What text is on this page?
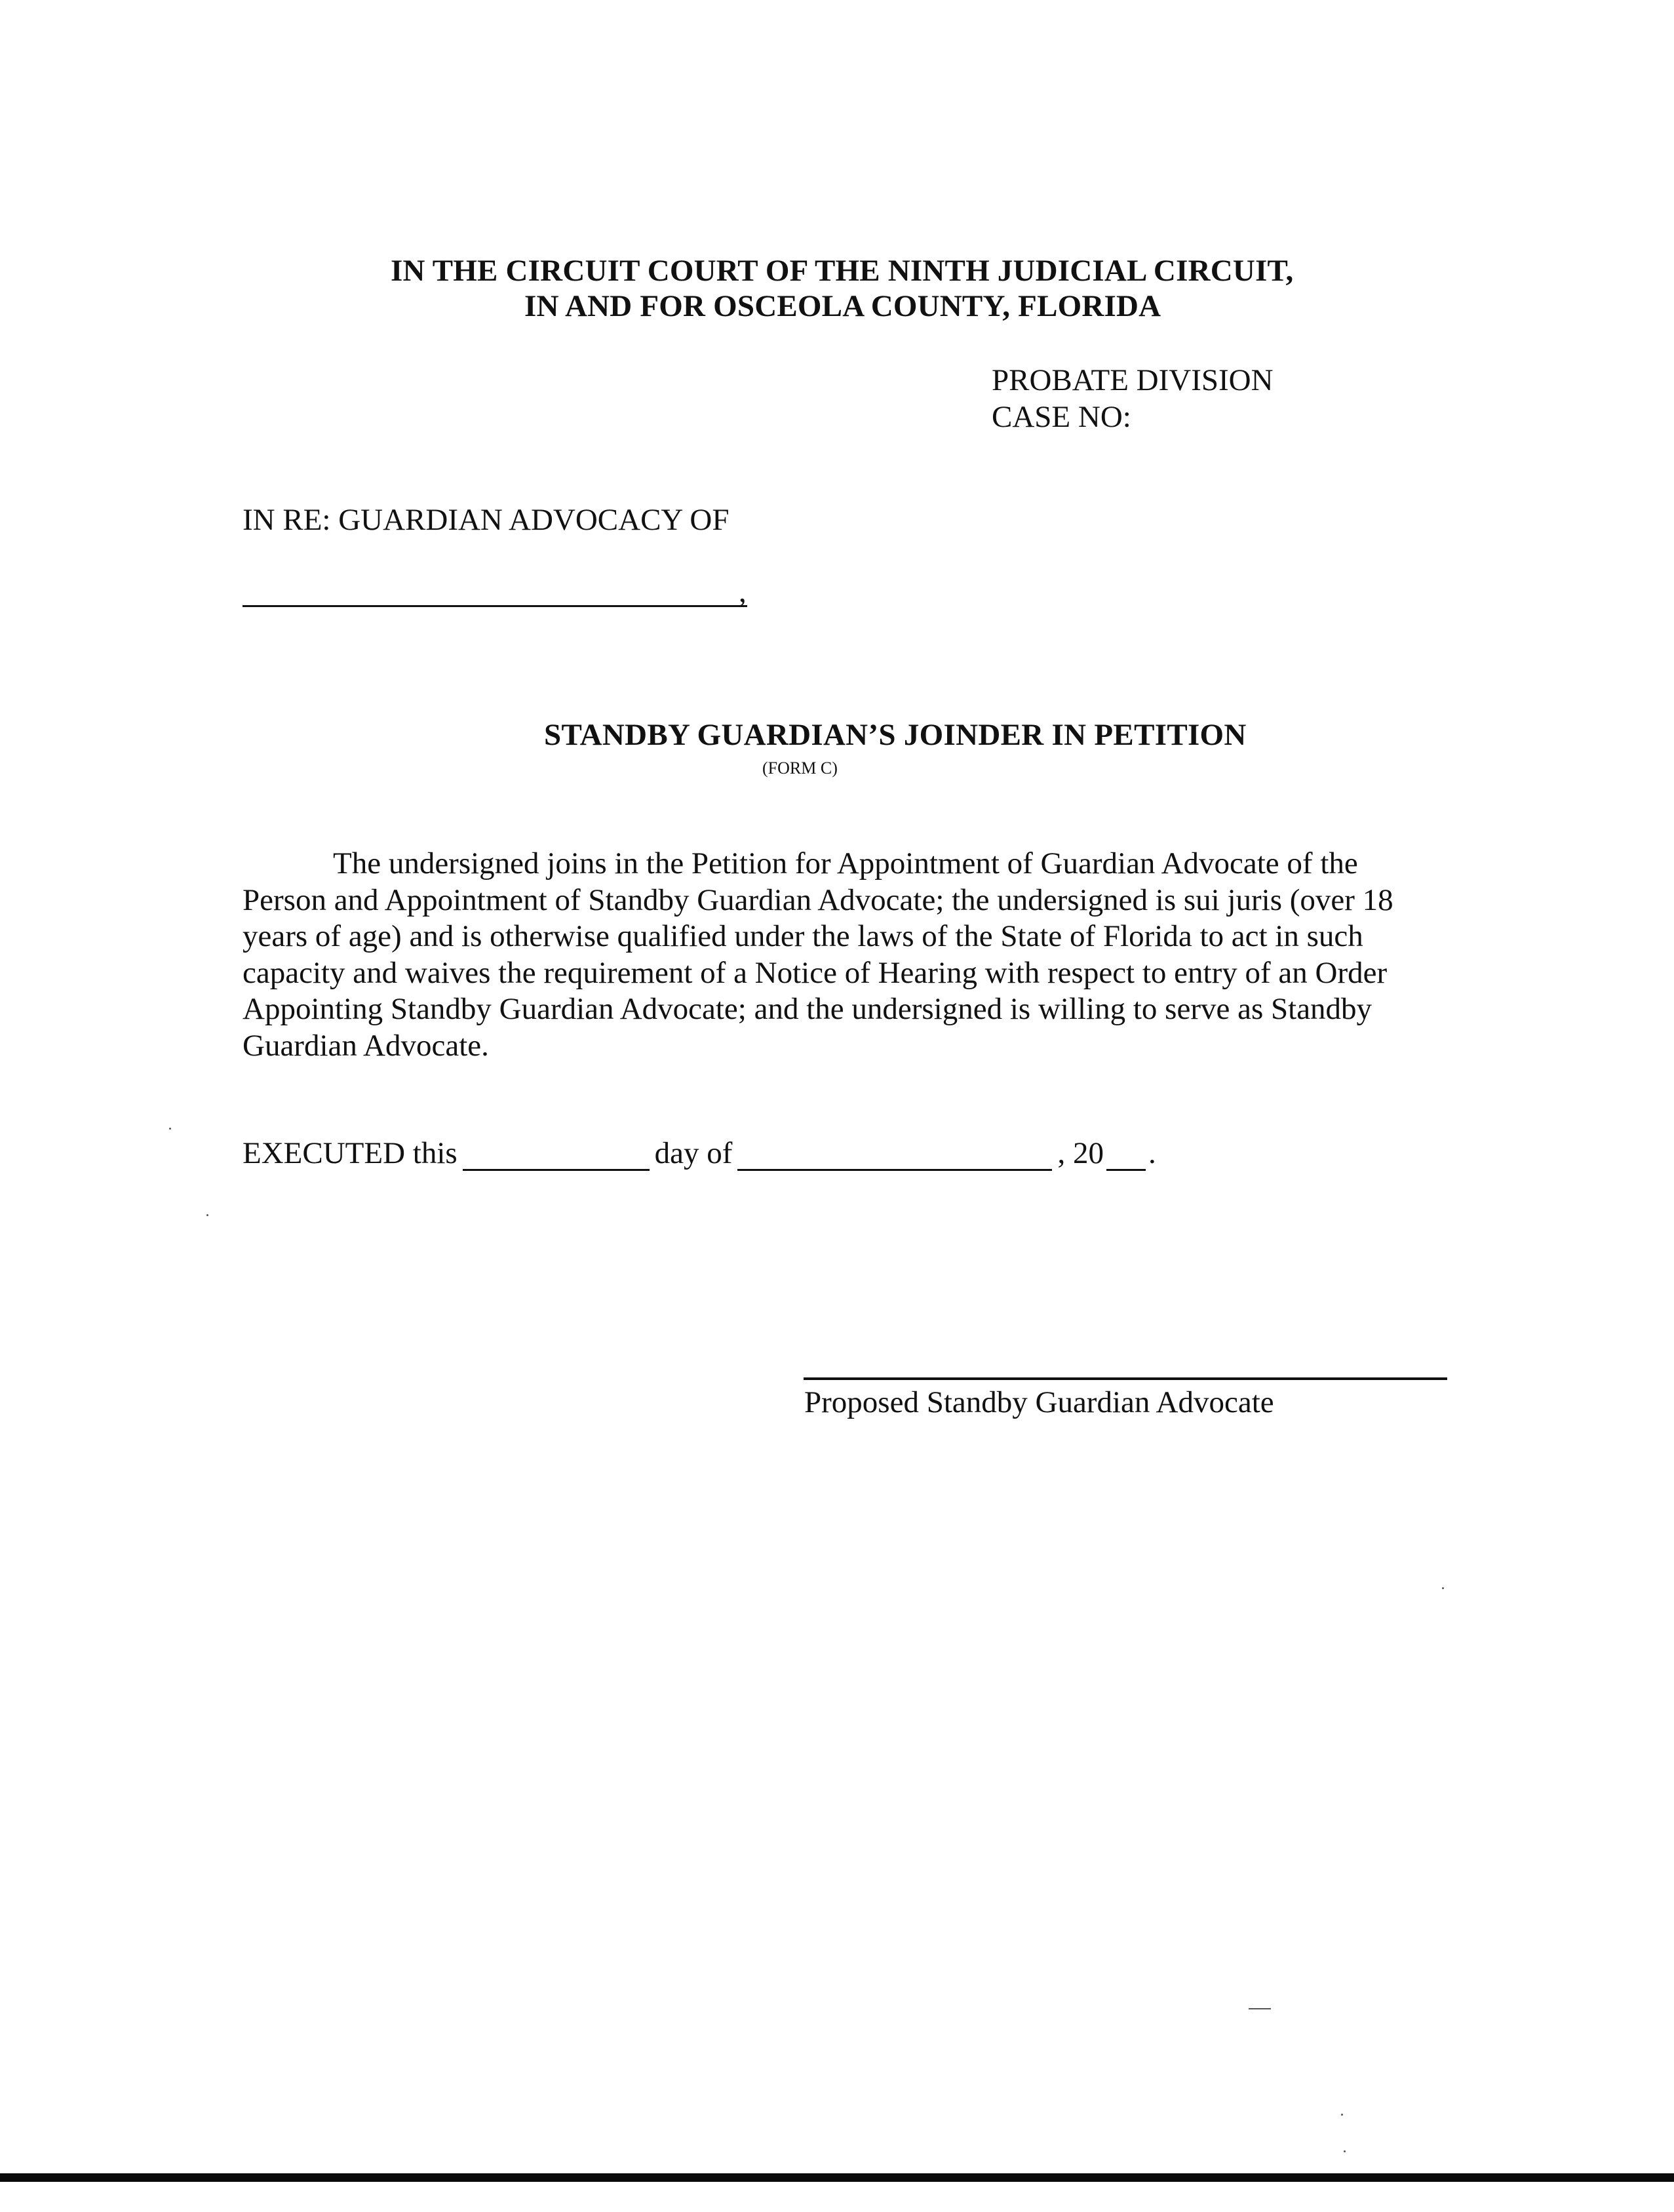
IN THE CIRCUIT COURT OF THE NINTH JUDICIAL CIRCUIT,
IN AND FOR OSCEOLA COUNTY, FLORIDA
PROBATE DIVISION
CASE NO:
IN RE: GUARDIAN ADVOCACY OF
,
STANDBY GUARDIAN’S JOINDER IN PETITION
(FORM C)
The undersigned joins in the Petition for Appointment of Guardian Advocate of the
Person and Appointment of Standby Guardian Advocate; the undersigned is sui juris (over 18
years of age) and is otherwise qualified under the laws of the State of Florida to act in such
capacity and waives the requirement of a Notice of Hearing with respect to entry of an Order
Appointing Standby Guardian Advocate; and the undersigned is willing to serve as Standby
Guardian Advocate.
EXECUTED this	day of	, 20 .
Proposed Standby Guardian Advocate
